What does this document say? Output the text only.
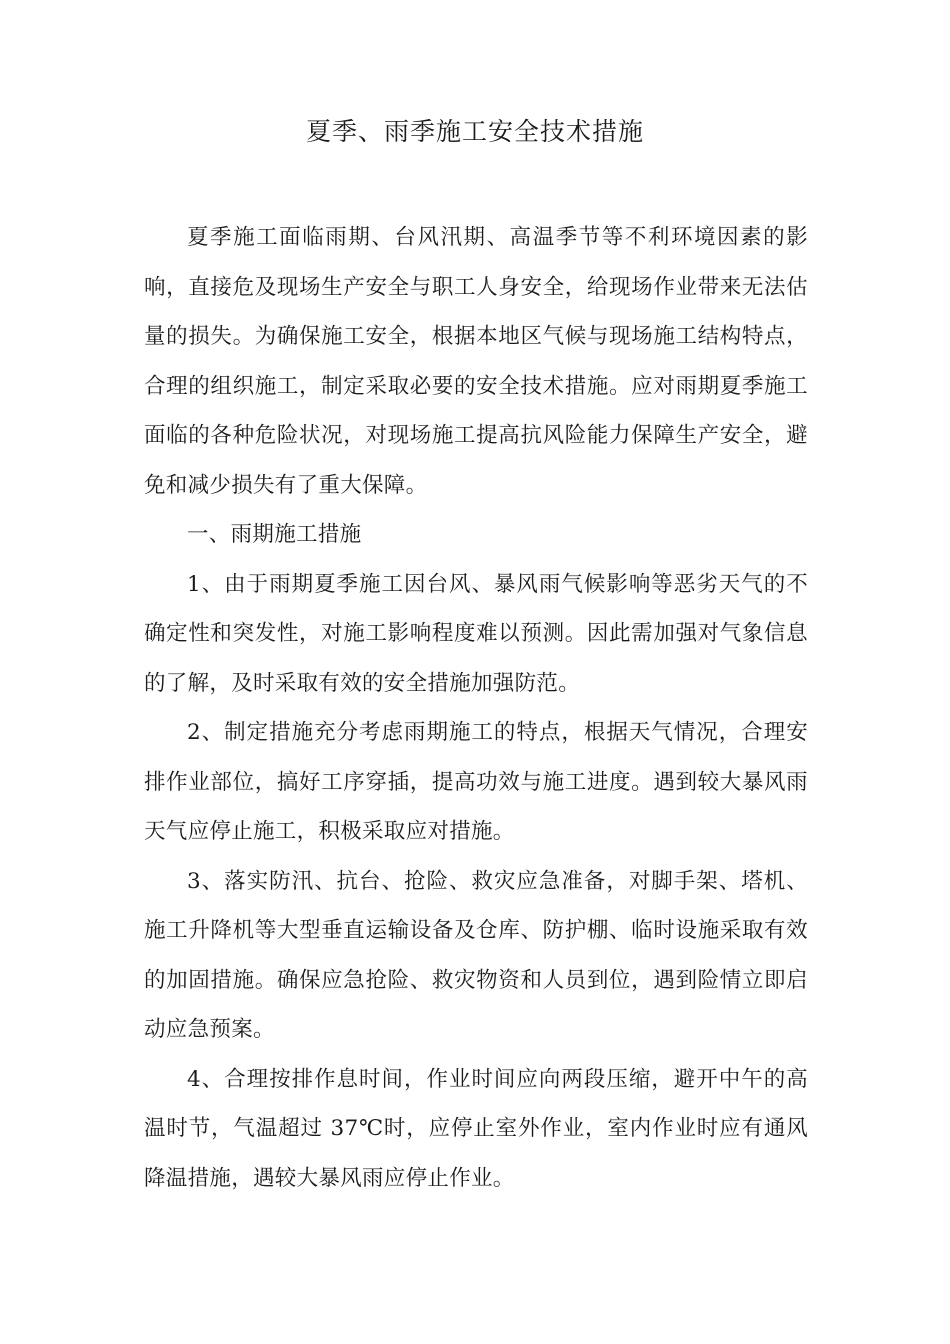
夏季、雨季施工安全技术措施

夏季施工面临雨期、台风汛期、高温季节等不利环境因素的影响，直接危及现场生产安全与职工人身安全，给现场作业带来无法估量的损失。为确保施工安全，根据本地区气候与现场施工结构特点，合理的组织施工，制定采取必要的安全技术措施。应对雨期夏季施工面临的各种危险状况，对现场施工提高抗风险能力保障生产安全，避免和减少损失有了重大保障。

一、雨期施工措施

1、由于雨期夏季施工因台风、暴风雨气候影响等恶劣天气的不确定性和突发性，对施工影响程度难以预测。因此需加强对气象信息的了解，及时采取有效的安全措施加强防范。

2、制定措施充分考虑雨期施工的特点，根据天气情况，合理安排作业部位，搞好工序穿插，提高功效与施工进度。遇到较大暴风雨天气应停止施工，积极采取应对措施。

3、落实防汛、抗台、抢险、救灾应急准备，对脚手架、塔机、施工升降机等大型垂直运输设备及仓库、防护棚、临时设施采取有效的加固措施。确保应急抢险、救灾物资和人员到位，遇到险情立即启动应急预案。

4、合理按排作息时间，作业时间应向两段压缩，避开中午的高温时节，气温超过 37℃时，应停止室外作业，室内作业时应有通风降温措施，遇较大暴风雨应停止作业。
